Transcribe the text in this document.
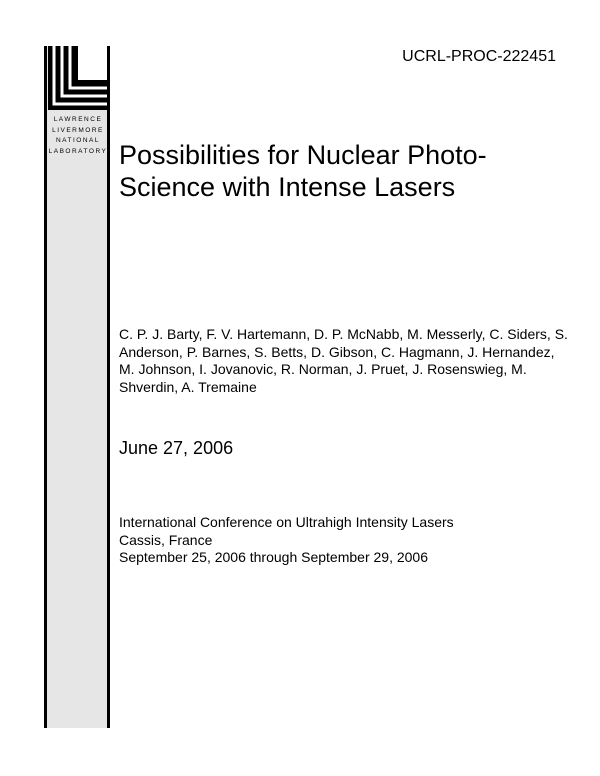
LAWRENCE
LIVERMORE
NATIONAL
LABORATORY
UCRL-PROC-222451
Possibilities for Nuclear Photo-Science with Intense Lasers
C. P. J. Barty, F. V. Hartemann, D. P. McNabb, M. Messerly, C. Siders, S. Anderson, P. Barnes, S. Betts, D. Gibson, C. Hagmann, J. Hernandez, M. Johnson, I. Jovanovic, R. Norman, J. Pruet, J. Rosenswieg, M. Shverdin, A. Tremaine
June 27, 2006
International Conference on Ultrahigh Intensity Lasers
Cassis, France
September 25, 2006 through September 29, 2006
